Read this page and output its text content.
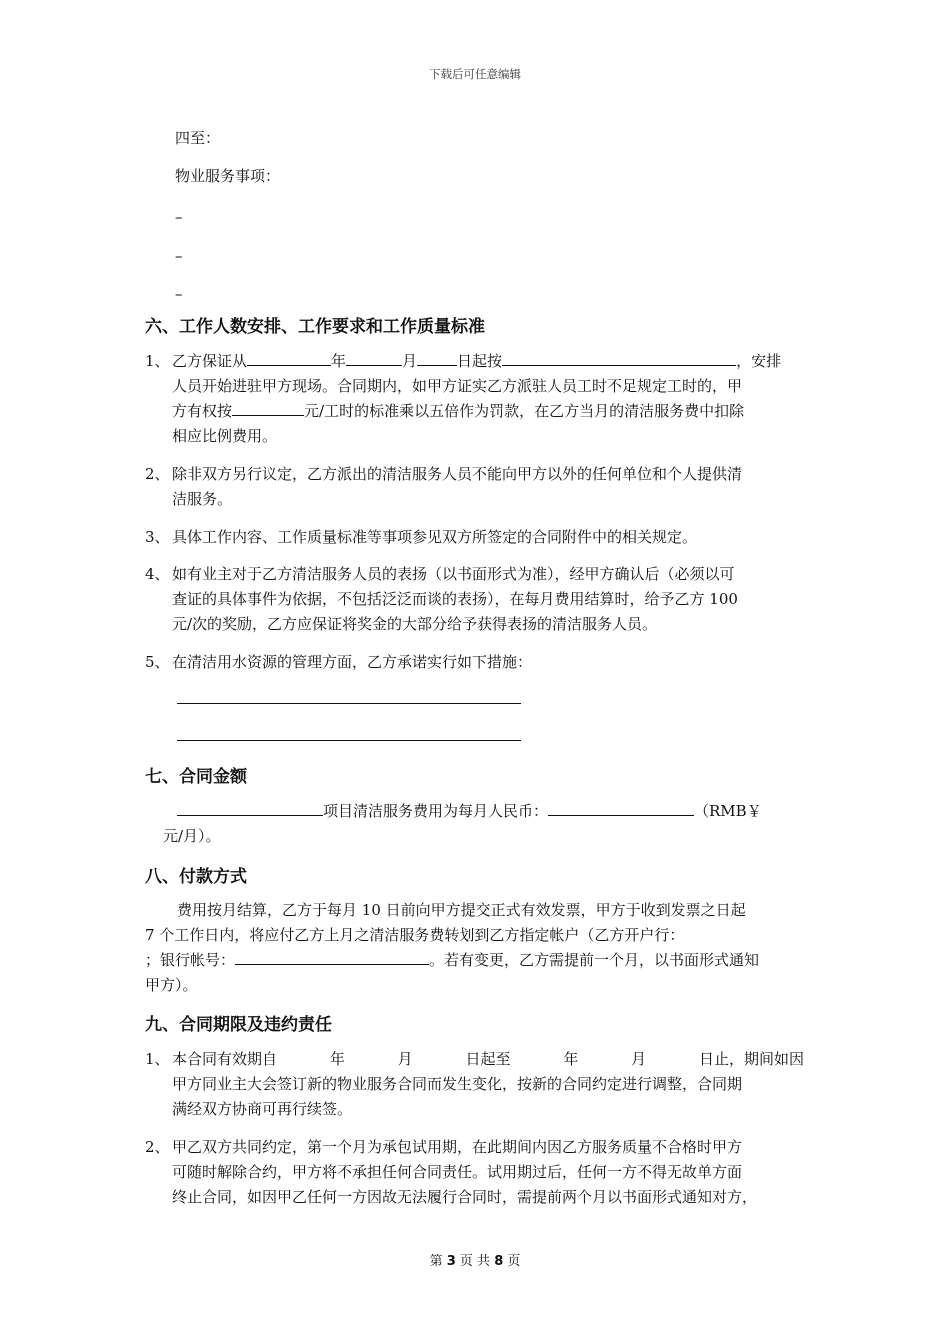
下载后可任意编辑
四至：
物业服务事项：
–
–
–
六、工作人数安排、工作要求和工作质量标准
1、 乙方保证从	年	月	日起按	，安排
人员开始进驻甲方现场。合同期内，如甲方证实乙方派驻人员工时不足规定工时的，甲
方有权按	元/工时的标准乘以五倍作为罚款，在乙方当月的清洁服务费中扣除
相应比例费用。
2、 除非双方另行议定，乙方派出的清洁服务人员不能向甲方以外的任何单位和个人提供清
洁服务。
3、 具体工作内容、工作质量标准等事项参见双方所签定的合同附件中的相关规定。
4、 如有业主对于乙方清洁服务人员的表扬（以书面形式为准），经甲方确认后（必须以可
查证的具体事件为依据，不包括泛泛而谈的表扬），在每月费用结算时，给予乙方 100
元/次的奖励，乙方应保证将奖金的大部分给予获得表扬的清洁服务人员。
5、 在清洁用水资源的管理方面，乙方承诺实行如下措施：
七、合同金额
项目清洁服务费用为每月人民币：	（RMB￥
元/月）。
八、付款方式
费用按月结算，乙方于每月 10 日前向甲方提交正式有效发票，甲方于收到发票之日起
7 个工作日内，将应付乙方上月之清洁服务费转划到乙方指定帐户（乙方开户行：
；银行帐号：	。若有变更，乙方需提前一个月，以书面形式通知
甲方）。
九、合同期限及违约责任
1、 本合同有效期自	年	月	日起至	年	月	日止，期间如因
甲方同业主大会签订新的物业服务合同而发生变化，按新的合同约定进行调整，合同期
满经双方协商可再行续签。
2、 甲乙双方共同约定，第一个月为承包试用期，在此期间内因乙方服务质量不合格时甲方
可随时解除合约，甲方将不承担任何合同责任。试用期过后，任何一方不得无故单方面
终止合同，如因甲乙任何一方因故无法履行合同时，需提前两个月以书面形式通知对方，
第 3 页 共 8 页
